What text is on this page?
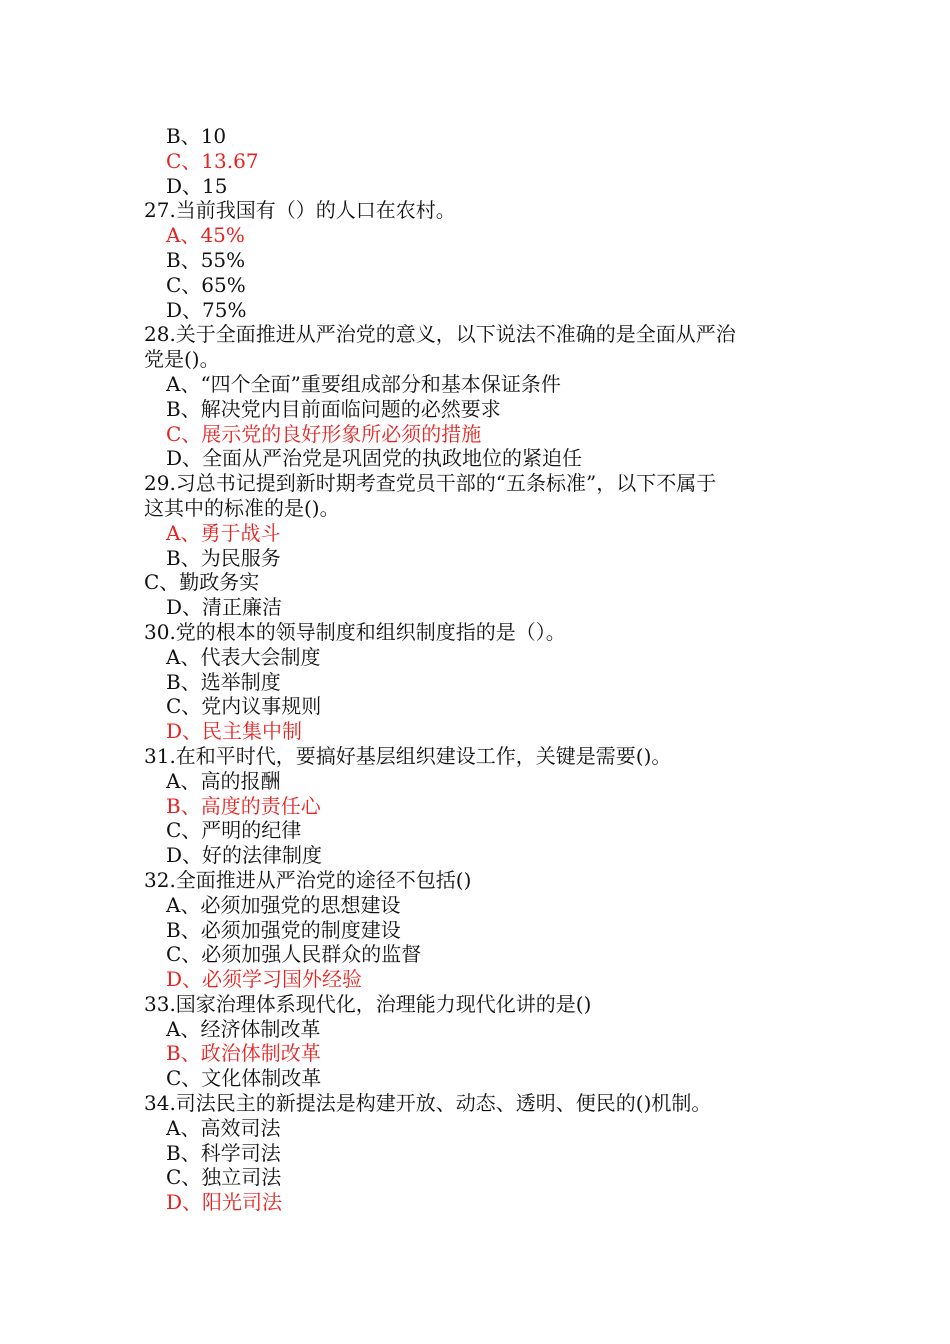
B、10
C、13.67
D、15
27.当前我国有（）的人口在农村。
A、45%
B、55%
C、65%
D、75%
28.关于全面推进从严治党的意义，以下说法不准确的是全面从严治
党是()。
A、“四个全面”重要组成部分和基本保证条件
B、解决党内目前面临问题的必然要求
C、展示党的良好形象所必须的措施
D、全面从严治党是巩固党的执政地位的紧迫任
29.习总书记提到新时期考查党员干部的“五条标准”，以下不属于
这其中的标准的是()。
A、勇于战斗
B、为民服务
C、勤政务实
D、清正廉洁
30.党的根本的领导制度和组织制度指的是（）。
A、代表大会制度
B、选举制度
C、党内议事规则
D、民主集中制
31.在和平时代，要搞好基层组织建设工作，关键是需要()。
A、高的报酬
B、高度的责任心
C、严明的纪律
D、好的法律制度
32.全面推进从严治党的途径不包括()
A、必须加强党的思想建设
B、必须加强党的制度建设
C、必须加强人民群众的监督
D、必须学习国外经验
33.国家治理体系现代化，治理能力现代化讲的是()
A、经济体制改革
B、政治体制改革
C、文化体制改革
34.司法民主的新提法是构建开放、动态、透明、便民的()机制。
A、高效司法
B、科学司法
C、独立司法
D、阳光司法
